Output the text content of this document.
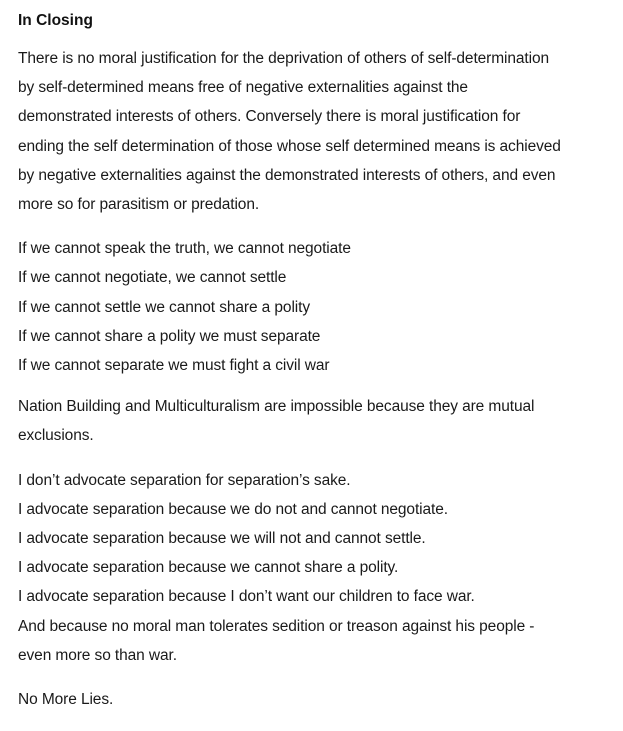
In Closing
There is no moral justification for the deprivation of others of self-determination
by self-determined means free of negative externalities against the
demonstrated interests of others. Conversely there is moral justification for
ending the self determination of those whose self determined means is achieved
by negative externalities against the demonstrated interests of others, and even
more so for parasitism or predation.
If we cannot speak the truth, we cannot negotiate
If we cannot negotiate, we cannot settle
If we cannot settle we cannot share a polity
If we cannot share a polity we must separate
If we cannot separate we must fight a civil war
Nation Building and Multiculturalism are impossible because they are mutual
exclusions.
I don’t advocate separation for separation’s sake.
I advocate separation because we do not and cannot negotiate.
I advocate separation because we will not and cannot settle.
I advocate separation because we cannot share a polity.
I advocate separation because I don’t want our children to face war.
And because no moral man tolerates sedition or treason against his people -
even more so than war.
No More Lies.
